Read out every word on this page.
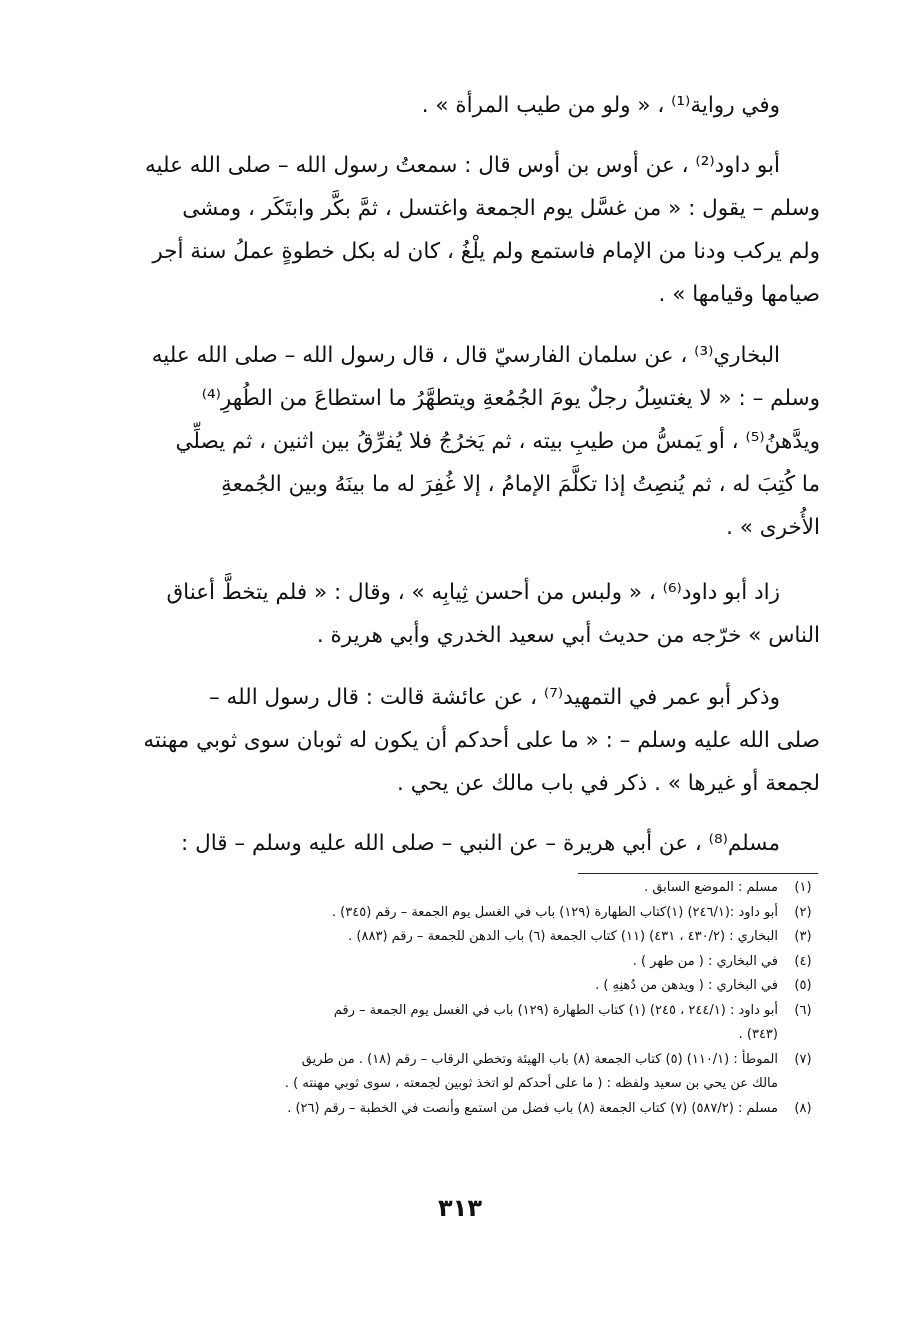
وفي رواية⁽¹⁾ ، « ولو من طيب المرأة » .
أبو داود⁽²⁾ ، عن أوس بن أوس قال : سمعتُ رسول الله – صلى الله عليه
وسلم – يقول : « من غسَّل يوم الجمعة واغتسل ، ثمَّ بكَّر وابتَكَر ، ومشى
ولم يركب ودنا من الإمام فاستمع ولم يلْغُ ، كان له بكل خطوةٍ عملُ سنة أجر
صيامها وقيامها » .
البخاري⁽³⁾ ، عن سلمان الفارسيّ قال ، قال رسول الله – صلى الله عليه
وسلم – : « لا يغتسِلُ رجلٌ يومَ الجُمُعةِ ويتطهَّرُ ما استطاعَ من الطُهرِ⁽⁴⁾
ويدَّهنُ⁽⁵⁾ ، أو يَمسُّ من طيبِ بيته ، ثم يَخرُجُ فلا يُفرِّقُ بين اثنين ، ثم يصلِّي
ما كُتِبَ له ، ثم يُنصِتُ إذا تكلَّمَ الإمامُ ، إلا غُفِرَ له ما بينَهُ وبين الجُمعةِ
الأُخرى » .
زاد أبو داود⁽⁶⁾ ، « ولبس من أحسن ثِيابِه » ، وقال : « فلم يتخطَّ أعناق
الناس » خرّجه من حديث أبي سعيد الخدري وأبي هريرة .
وذكر أبو عمر في التمهيد⁽⁷⁾ ، عن عائشة قالت : قال رسول الله –
صلى الله عليه وسلم – : « ما على أحدكم أن يكون له ثوبان سوى ثوبي مهنته
لجمعة أو غيرها » . ذكر في باب مالك عن يحي .
مسلم⁽⁸⁾ ، عن أبي هريرة – عن النبي – صلى الله عليه وسلم – قال :
(١)
مسلم : الموضع السابق .
(٢)
أبو داود :(٢٤٦/١) (١)كتاب الطهارة (١٢٩) باب في الغسل يوم الجمعة – رقم (٣٤٥) .
(٣)
البخاري : (٤٣٠/٢ ، ٤٣١) (١١) كتاب الجمعة (٦) باب الدهن للجمعة – رقم (٨٨٣) .
(٤)
في البخاري : ( من طهر ) .
(٥)
في البخاري : ( ويدهن من دُهنِهِ ) .
(٦)
أبو داود : (٢٤٤/١ ، ٢٤٥) (١) كتاب الطهارة (١٢٩) باب في الغسل يوم الجمعة – رقم
(٣٤٣) .
(٧)
الموطأ : (١١٠/١) (٥) كتاب الجمعة (٨) باب الهيئة وتخطي الرقاب – رقم (١٨) . من طريق
مالك عن يحي بن سعيد ولفظه : ( ما على أحدكم لو اتخذ ثوبين لجمعته ، سوى ثوبي مهنته ) .
(٨)
مسلم : (٥٨٧/٢) (٧) كتاب الجمعة (٨) باب فضل من استمع وأنصت في الخطبة – رقم (٢٦) .
٣١٣
